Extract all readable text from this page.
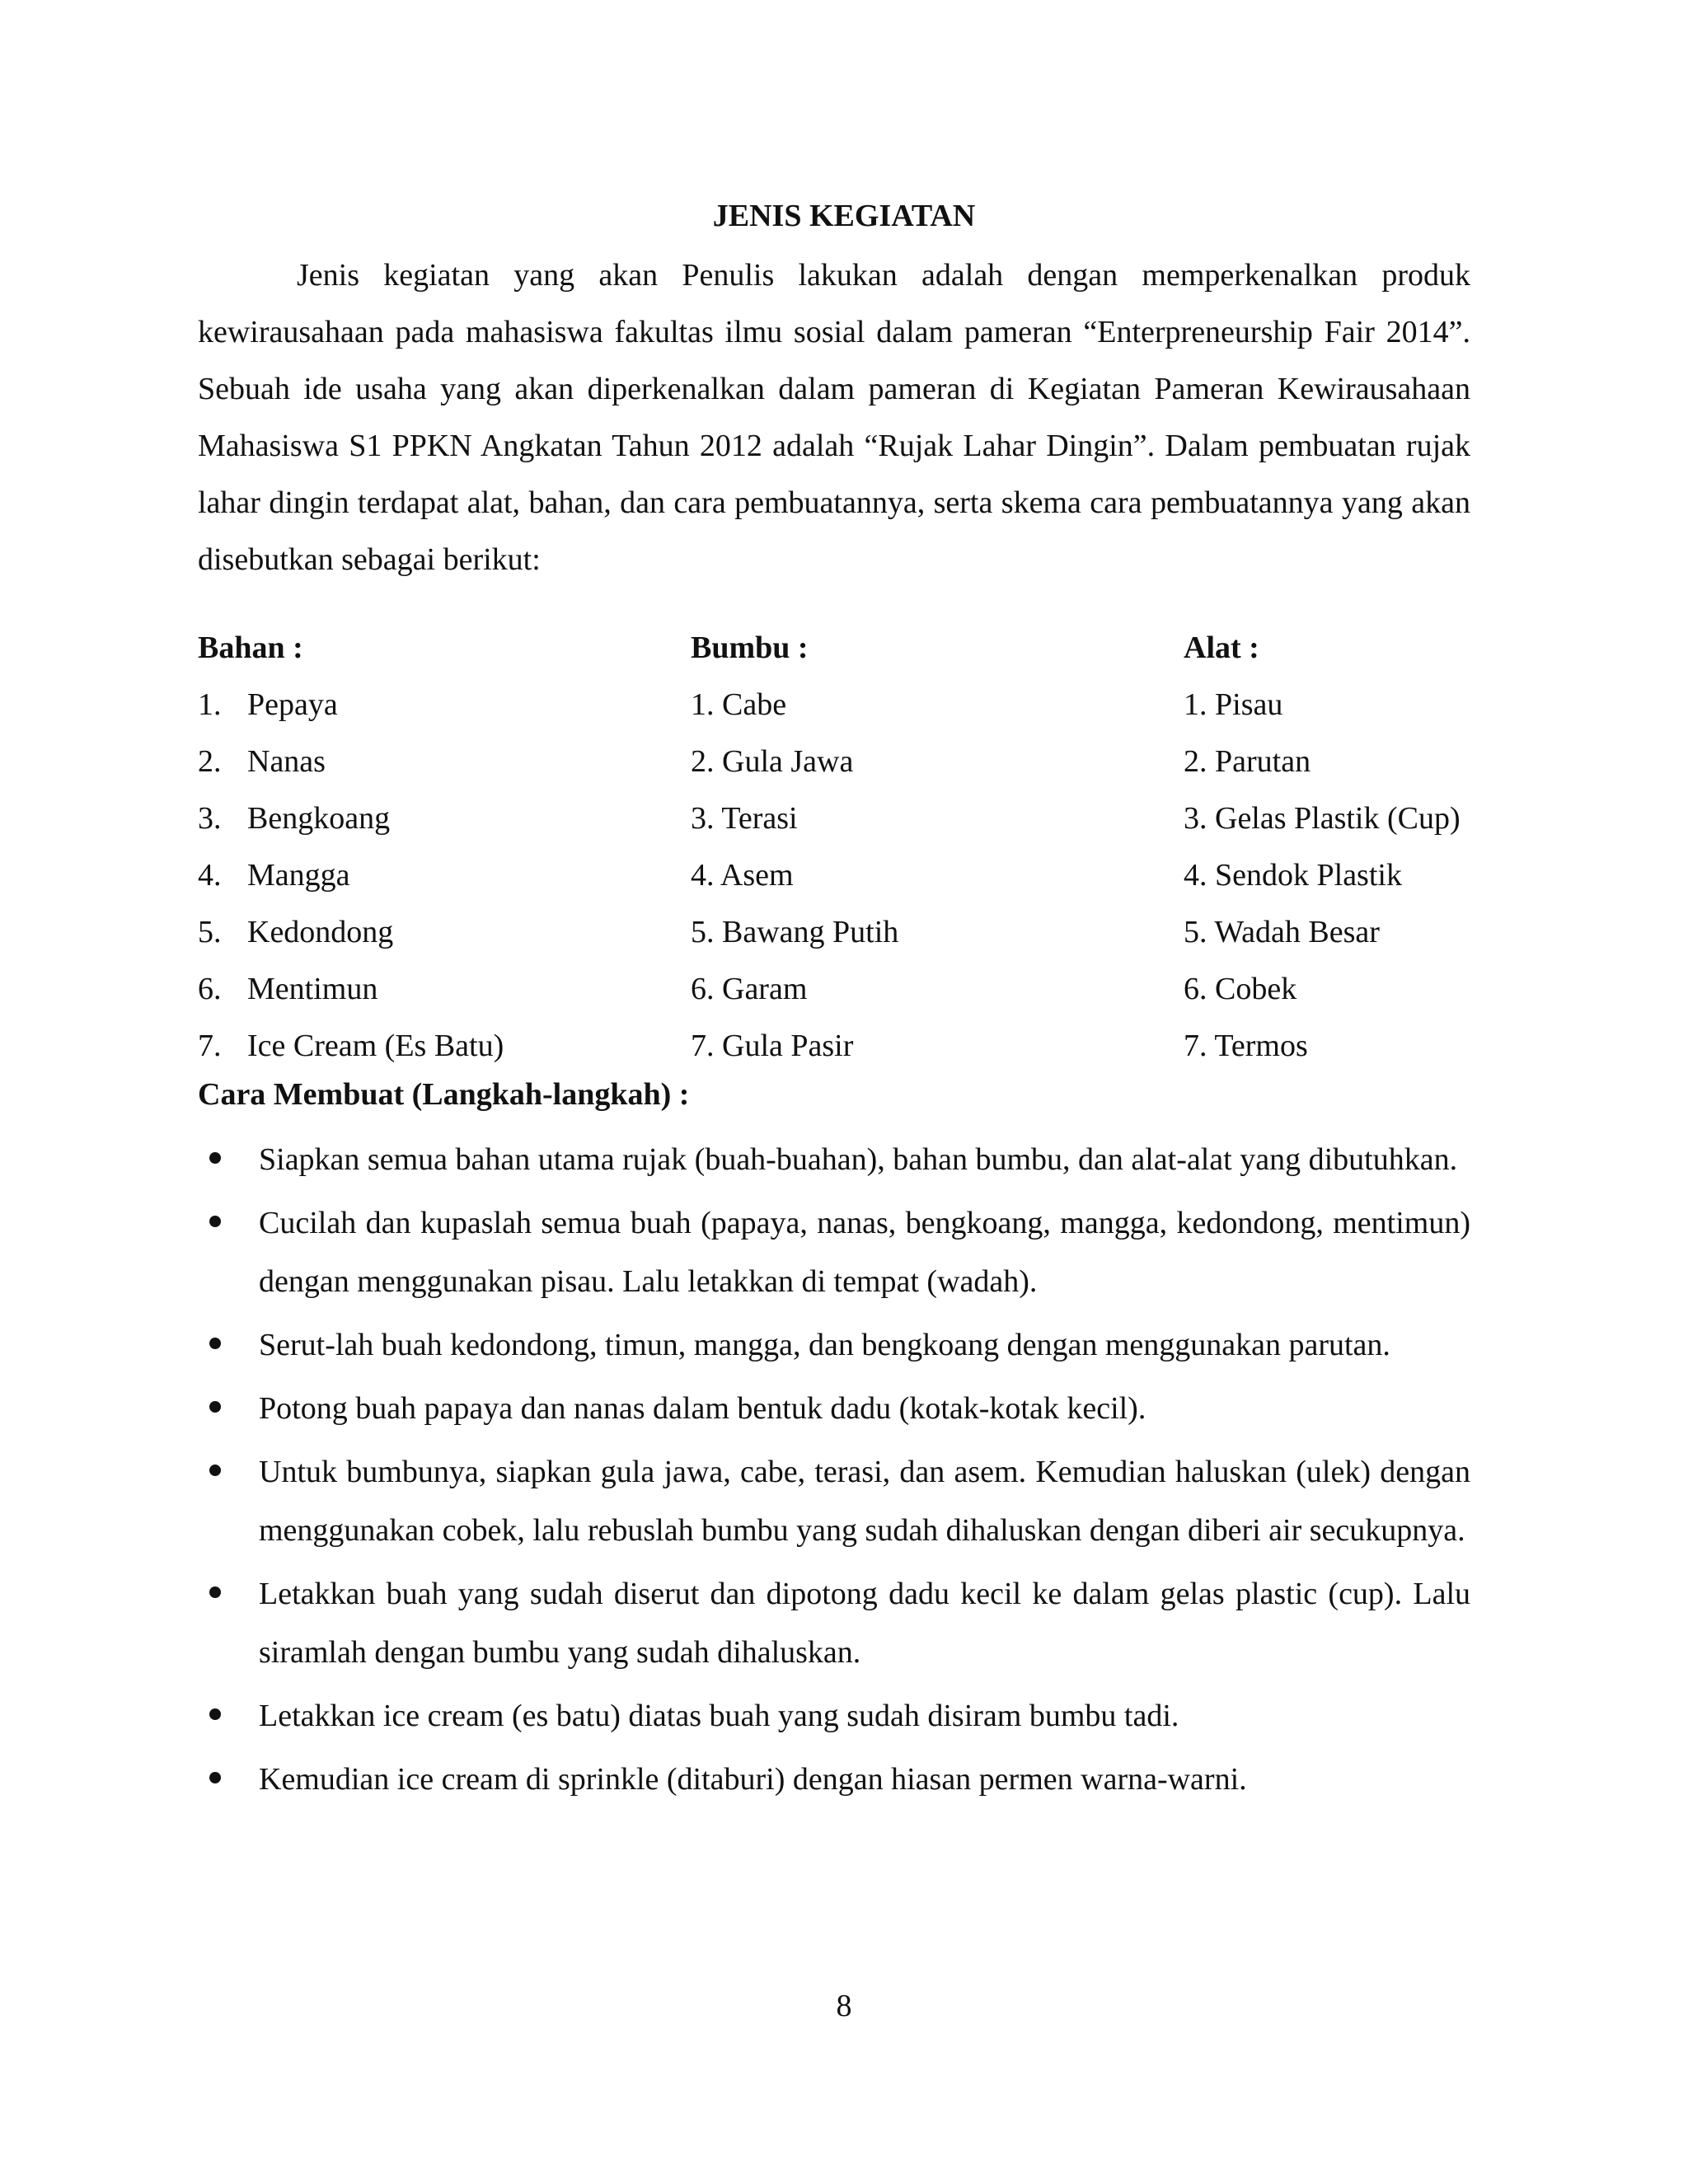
JENIS KEGIATAN

Jenis kegiatan yang akan Penulis lakukan adalah dengan memperkenalkan produk kewirausahaan pada mahasiswa fakultas ilmu sosial dalam pameran “Enterpreneurship Fair 2014”. Sebuah ide usaha yang akan diperkenalkan dalam pameran di Kegiatan Pameran Kewirausahaan Mahasiswa S1 PPKN Angkatan Tahun 2012 adalah “Rujak Lahar Dingin”. Dalam pembuatan rujak lahar dingin terdapat alat, bahan, dan cara pembuatannya, serta skema cara pembuatannya yang akan disebutkan sebagai berikut:

Bahan :
1. Pepaya
2. Nanas
3. Bengkoang
4. Mangga
5. Kedondong
6. Mentimun
7. Ice Cream (Es Batu)
Bumbu :
1. Cabe
2. Gula Jawa
3. Terasi
4. Asem
5. Bawang Putih
6. Garam
7. Gula Pasir
Alat :
1. Pisau
2. Parutan
3. Gelas Plastik (Cup)
4. Sendok Plastik
5. Wadah Besar
6. Cobek
7. Termos
Cara Membuat (Langkah-langkah) :
Siapkan semua bahan utama rujak (buah-buahan), bahan bumbu, dan alat-alat yang dibutuhkan.
Cucilah dan kupaslah semua buah (papaya, nanas, bengkoang, mangga, kedondong, mentimun) dengan menggunakan pisau. Lalu letakkan di tempat (wadah).
Serut-lah buah kedondong, timun, mangga, dan bengkoang dengan menggunakan parutan.
Potong buah papaya dan nanas dalam bentuk dadu (kotak-kotak kecil).
Untuk bumbunya, siapkan gula jawa, cabe, terasi, dan asem. Kemudian haluskan (ulek) dengan menggunakan cobek, lalu rebuslah bumbu yang sudah dihaluskan dengan diberi air secukupnya.
Letakkan buah yang sudah diserut dan dipotong dadu kecil ke dalam gelas plastic (cup). Lalu siramlah dengan bumbu yang sudah dihaluskan.
Letakkan ice cream (es batu) diatas buah yang sudah disiram bumbu tadi.
Kemudian ice cream di sprinkle (ditaburi) dengan hiasan permen warna-warni.
8
